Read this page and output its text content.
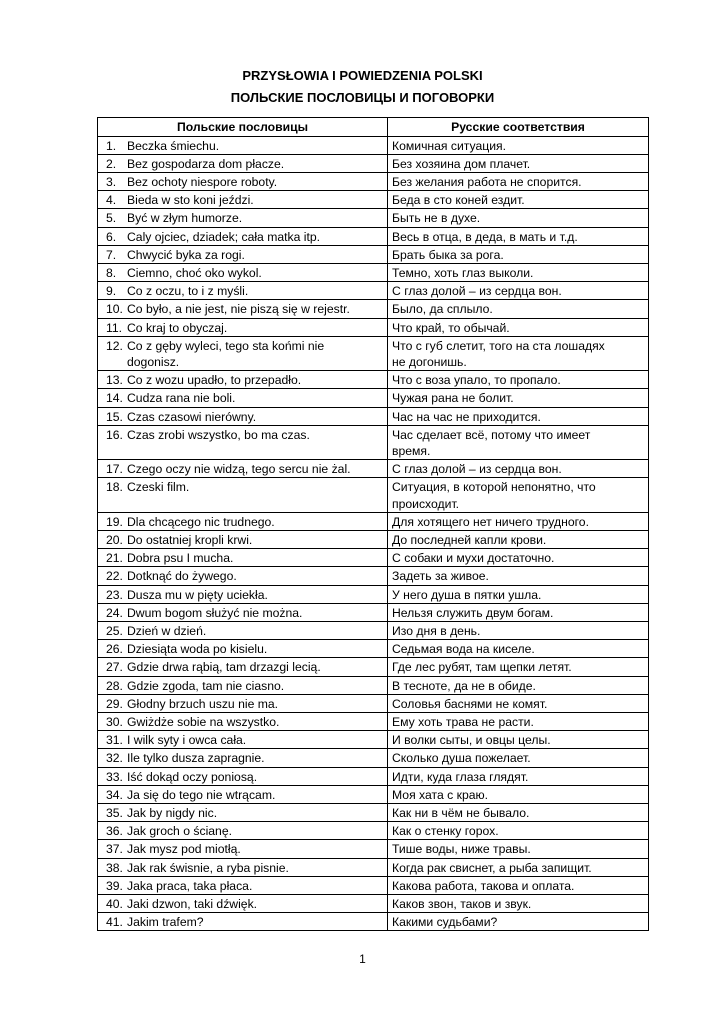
PRZYSŁOWIA I POWIEDZENIA POLSKI
ПОЛЬСКИЕ ПОСЛОВИЦЫ И ПОГОВОРКИ
Польские пословицы	Русские соответствия
1. Beczka śmiechu.	Комичная ситуация.
2. Bez gospodarza dom płacze.	Без хозяина дом плачет.
3. Bez ochoty niespore roboty.	Без желания работа не спорится.
4. Bieda w sto koni jeździ.	Беда в сто коней ездит.
5. Być w złym humorze.	Быть не в духе.
6. Caly ojciec, dziadek; cała matka itp.	Весь в отца, в деда, в мать и т.д.
7. Chwycić byka za rogi.	Брать быка за рога.
8. Ciemno, choć oko wykol.	Темно, хоть глаз выколи.
9. Co z oczu, to i z myśli.	С глаз долой – из сердца вон.
10. Co było, a nie jest, nie piszą się w rejestr.	Было, да сплыло.
11. Co kraj to obyczaj.	Что край, то обычай.
12. Co z gęby wyleci, tego sta końmi nie
dogonisz.	Что с губ слетит, того на ста лошадях
не догонишь.
13. Co z wozu upadło, to przepadło.	Что с воза упало, то пропало.
14. Cudza rana nie boli.	Чужая рана не болит.
15. Czas czasowi nierówny.	Час на час не приходится.
16. Czas zrobi wszystko, bo ma czas.	Час сделает всё, потому что имеет
время.
17. Czego oczy nie widzą, tego sercu nie żal.	С глаз долой – из сердца вон.
18. Czeski film.	Ситуация, в которой непонятно, что
происходит.
19. Dla chcącego nic trudnego.	Для хотящего нет ничего трудного.
20. Do ostatniej kropli krwi.	До последней капли крови.
21. Dobra psu I mucha.	С собаки и мухи достаточно.
22. Dotknąć do żywego.	Задеть за живое.
23. Dusza mu w pięty uciekła.	У него душа в пятки ушла.
24. Dwum bogom służyć nie można.	Нельзя служить двум богам.
25. Dzień w dzień.	Изо дня в день.
26. Dziesiąta woda po kisielu.	Седьмая вода на киселе.
27. Gdzie drwa rąbią, tam drzazgi lecią.	Где лес рубят, там щепки летят.
28. Gdzie zgoda, tam nie ciasno.	В тесноте, да не в обиде.
29. Głodny brzuch uszu nie ma.	Соловья баснями не комят.
30. Gwiżdże sobie na wszystko.	Ему хоть трава не расти.
31. I wilk syty i owca cała.	И волки сыты, и овцы целы.
32. Ile tylko dusza zapragnie.	Сколько душа пожелает.
33. Iść dokąd oczy poniosą.	Идти, куда глаза глядят.
34. Ja się do tego nie wtrącam.	Моя хата с краю.
35. Jak by nigdy nic.	Как ни в чём не бывало.
36. Jak groch o ścianę.	Как о стенку горох.
37. Jak mysz pod miotłą.	Тише воды, ниже травы.
38. Jak rak świsnie, a ryba pisnie.	Когда рак свиснет, а рыба запищит.
39. Jaka praca, taka płaca.	Какова работа, такова и оплата.
40. Jaki dzwon, taki dźwięk.	Каков звон, таков и звук.
41. Jakim trafem?	Какими судьбами?
1
